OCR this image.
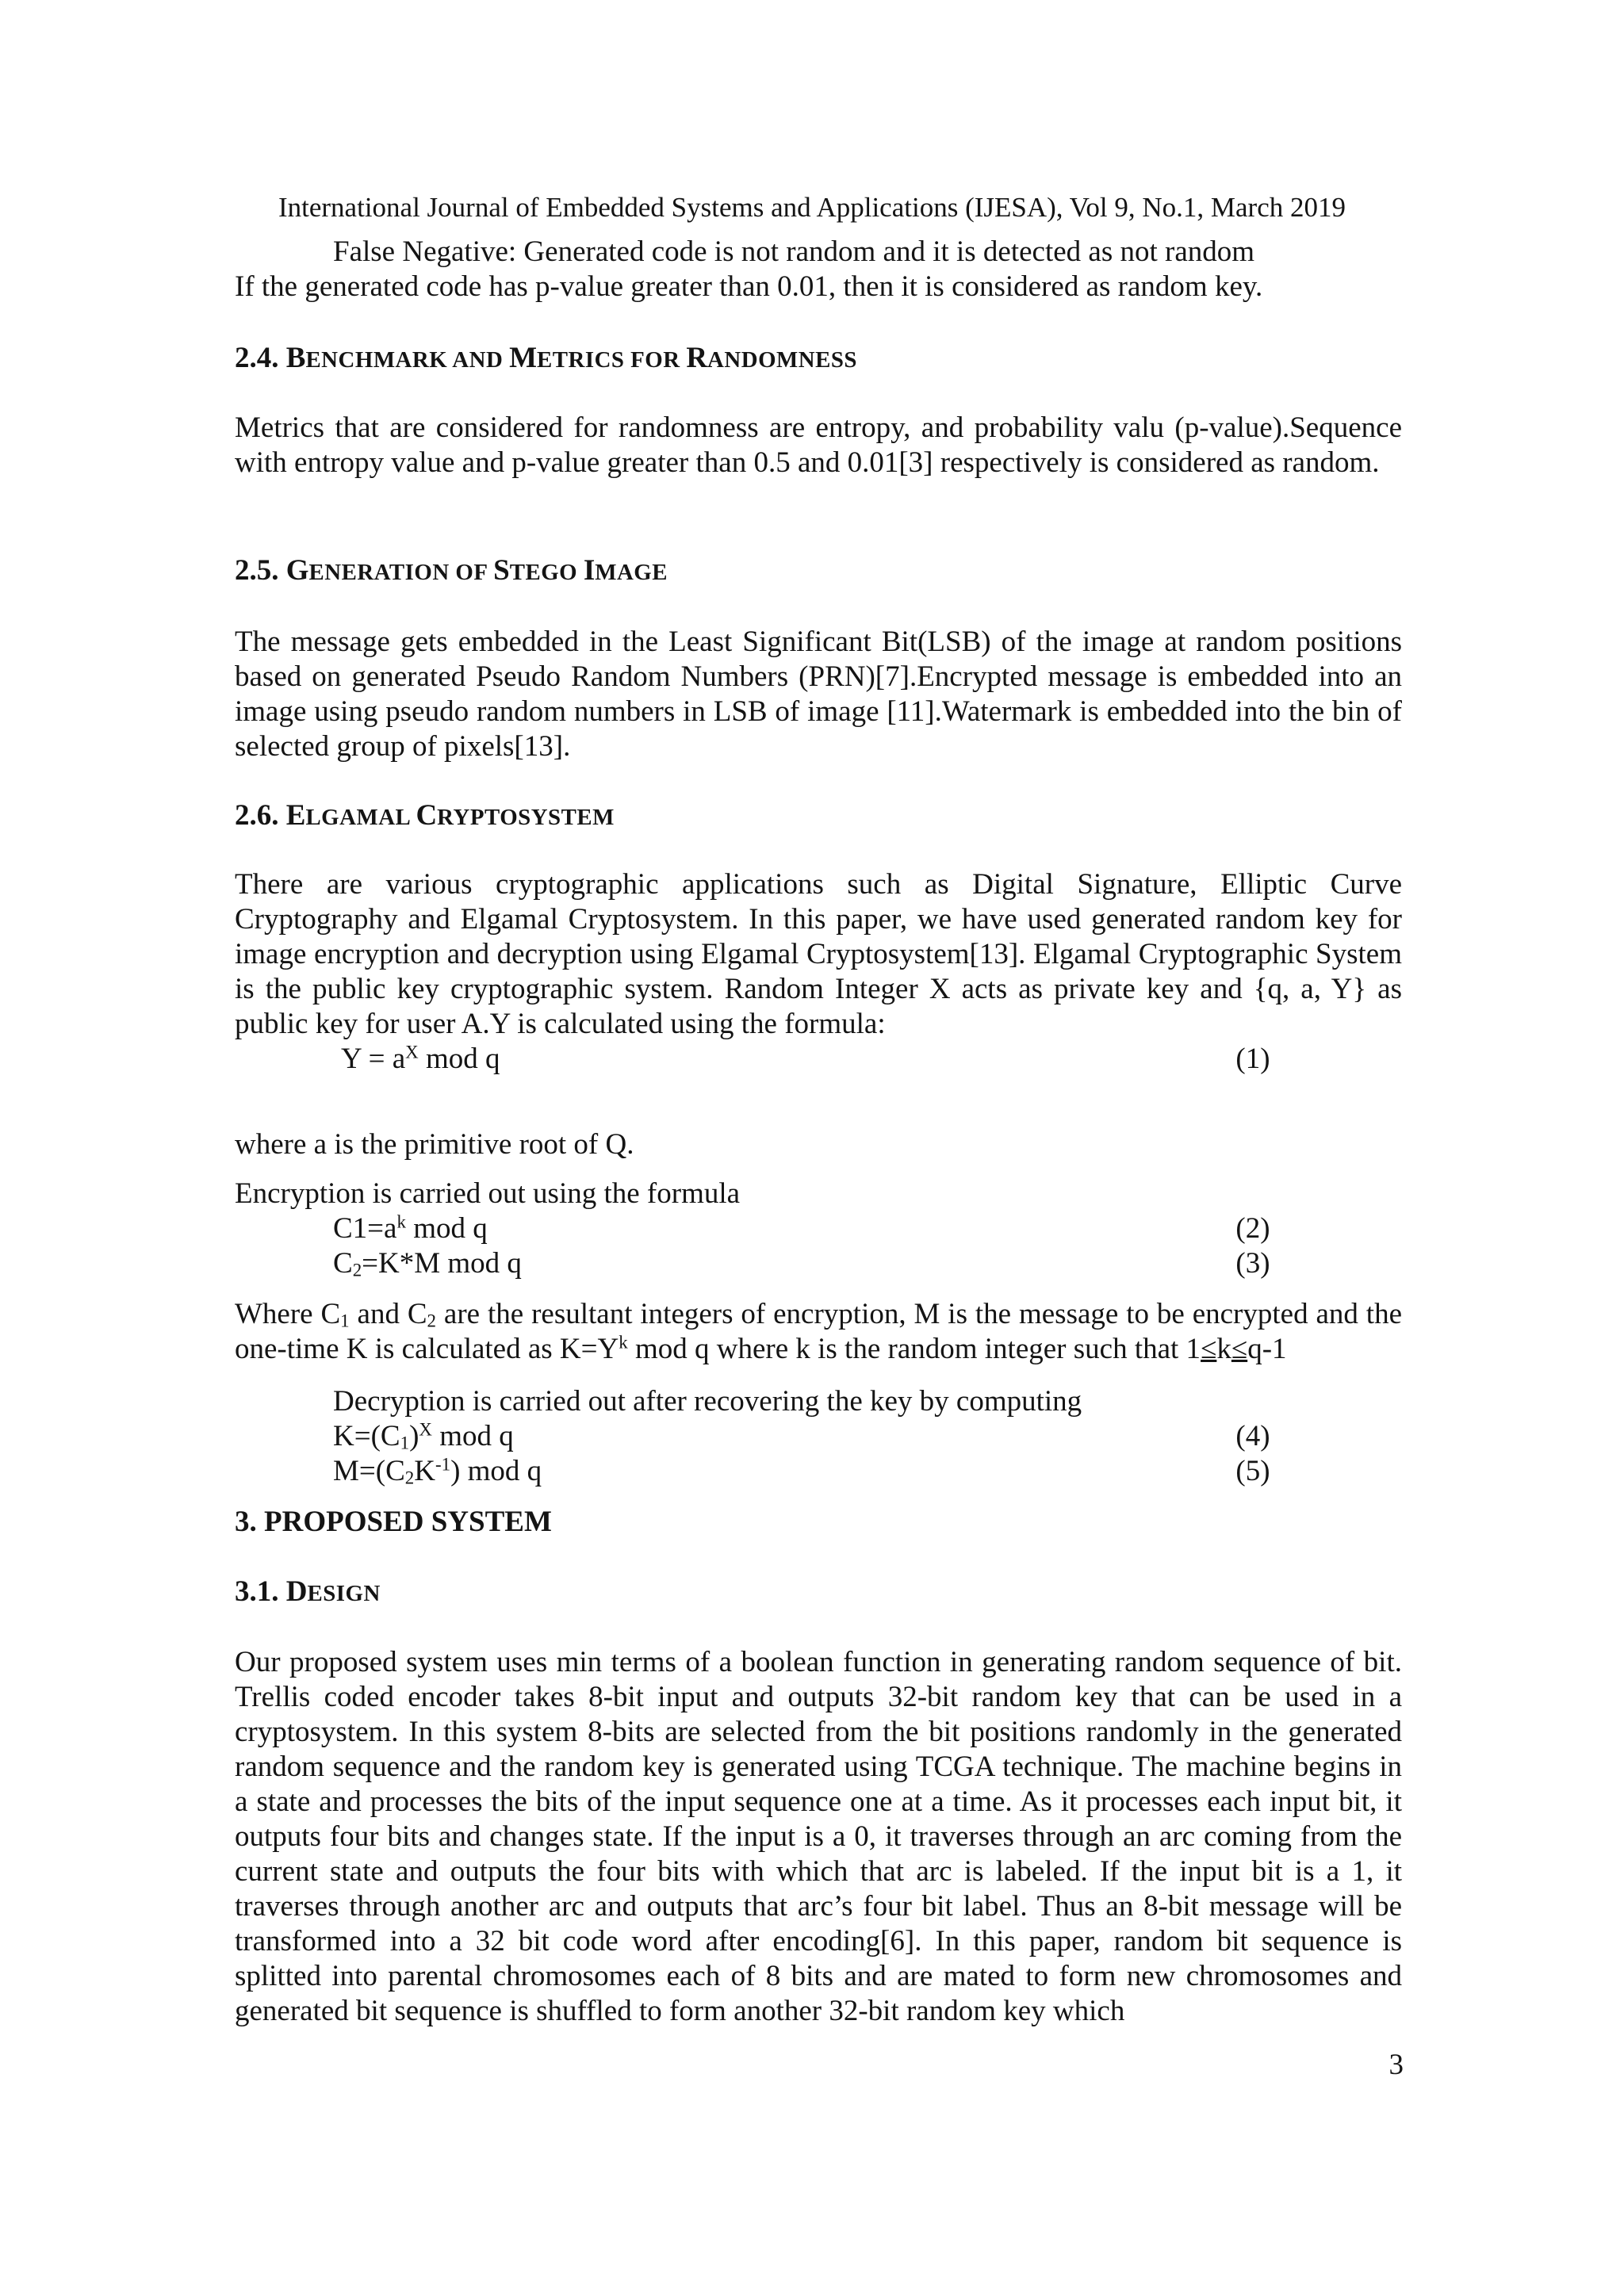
International Journal of Embedded Systems and Applications (IJESA), Vol 9, No.1, March 2019
False Negative: Generated code is not random and it is detected as not random
If the generated code has p-value greater than 0.01, then it is considered as random key.
2.4. BENCHMARK AND METRICS FOR RANDOMNESS

Metrics that are considered for randomness are entropy, and probability valu (p-value).Sequence with entropy value and p-value greater than 0.5 and 0.01[3] respectively is considered as random.

2.5. GENERATION OF STEGO IMAGE

The message gets embedded in the Least Significant Bit(LSB) of the image at random positions based on generated Pseudo Random Numbers (PRN)[7].Encrypted message is embedded into an image using pseudo random numbers in LSB of image [11].Watermark is embedded into the bin of selected group of pixels[13].

2.6. ELGAMAL CRYPTOSYSTEM

There are various cryptographic applications such as Digital Signature, Elliptic Curve Cryptography and Elgamal Cryptosystem. In this paper, we have used generated random key for image encryption and decryption using Elgamal Cryptosystem[13]. Elgamal Cryptographic System is the public key cryptographic system. Random Integer X acts as private key and {q, a, Y} as public key for user A.Y is calculated using the formula:

$Y = a^X$ mod q	(1)
where a is the primitive root of Q.
Encryption is carried out using the formula
$C1=a^k$ mod q	(2)
$C_2=K*M$ mod q	(3)

Where $C_1$ and $C_2$ are the resultant integers of encryption, M is the message to be encrypted and the one-time K is calculated as $K=Y^k$ mod q where k is the random integer such that 1≤k≤q-1

Decryption is carried out after recovering the key by computing
$K=(C_1)^X$ mod q	(4)
$M=(C_2K^{-1})$ mod q	(5)
3. PROPOSED SYSTEM
3.1. DESIGN

Our proposed system uses min terms of a boolean function in generating random sequence of bit. Trellis coded encoder takes 8-bit input and outputs 32-bit random key that can be used in a cryptosystem. In this system 8-bits are selected from the bit positions randomly in the generated random sequence and the random key is generated using TCGA technique. The machine begins in a state and processes the bits of the input sequence one at a time. As it processes each input bit, it outputs four bits and changes state. If the input is a 0, it traverses through an arc coming from the current state and outputs the four bits with which that arc is labeled. If the input bit is a 1, it traverses through another arc and outputs that arc’s four bit label. Thus an 8-bit message will be transformed into a 32 bit code word after encoding[6]. In this paper, random bit sequence is splitted into parental chromosomes each of 8 bits and are mated to form new chromosomes and generated bit sequence is shuffled to form another 32-bit random key which

3
